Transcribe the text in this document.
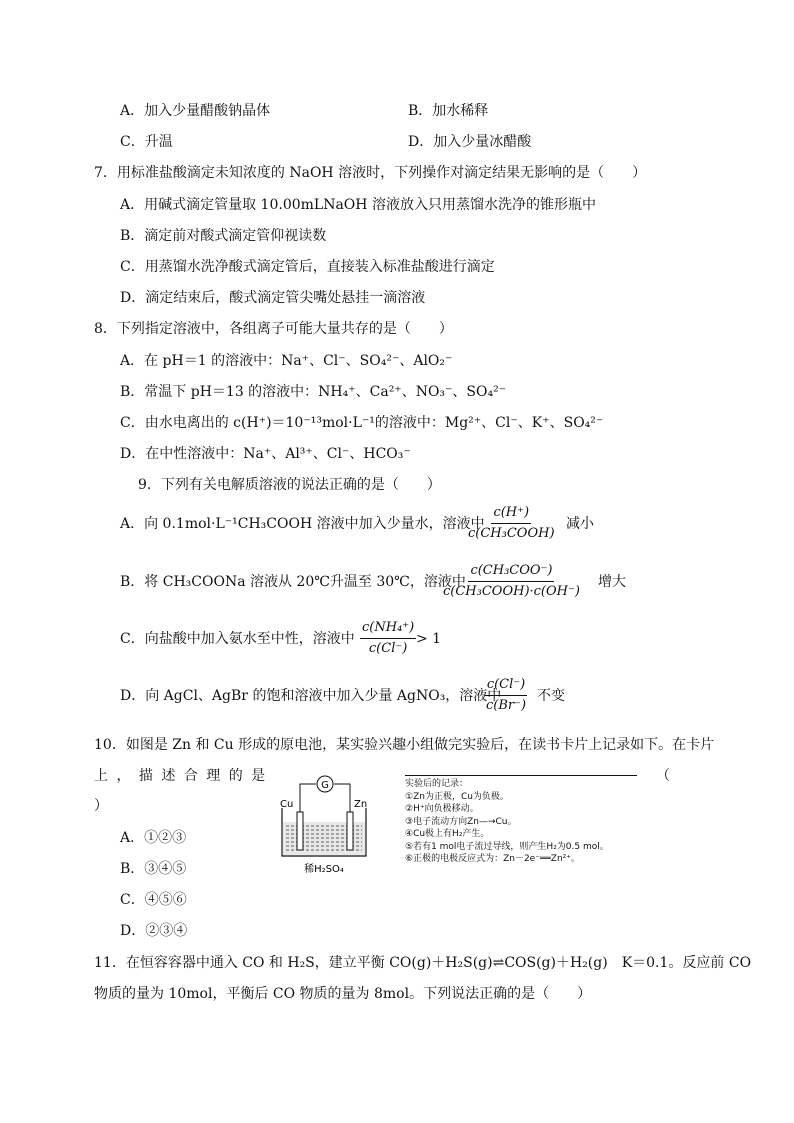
A．加入少量醋酸钠晶体	B．加水稀释
C．升温	D．加入少量冰醋酸
7．用标准盐酸滴定未知浓度的 NaOH 溶液时，下列操作对滴定结果无影响的是（　　）
A．用碱式滴定管量取 10.00mLNaOH 溶液放入只用蒸馏水洗净的锥形瓶中
B．滴定前对酸式滴定管仰视读数
C．用蒸馏水洗净酸式滴定管后，直接装入标准盐酸进行滴定
D．滴定结束后，酸式滴定管尖嘴处悬挂一滴溶液
8．下列指定溶液中，各组离子可能大量共存的是（　　）
A．在 pH＝1 的溶液中：Na⁺、Cl⁻、SO₄²⁻、AlO₂⁻
B．常温下 pH＝13 的溶液中：NH₄⁺、Ca²⁺、NO₃⁻、SO₄²⁻
C．由水电离出的 c(H⁺)＝10⁻¹³mol·L⁻¹的溶液中：Mg²⁺、Cl⁻、K⁺、SO₄²⁻
D．在中性溶液中：Na⁺、Al³⁺、Cl⁻、HCO₃⁻
9．下列有关电解质溶液的说法正确的是（　　）
A．向 0.1mol·L⁻¹CH₃COOH 溶液中加入少量水，溶液中
c(H⁺)
c(CH₃COOH)
减小
B．将 CH₃COONa 溶液从 20℃升温至 30℃，溶液中
c(CH₃COO⁻)
c(CH₃COOH)·c(OH⁻)
增大
C．向盐酸中加入氨水至中性，溶液中 $\frac{\text{c(NH₄⁺)}}{c(Cl^-)} > 1$
D．向 AgCl、AgBr 的饱和溶液中加入少量 AgNO₃，溶液中
$\frac{c(Cl^-)}{c(Br^-)}$ 不变
10．如图是 Zn 和 Cu 形成的原电池，某实验兴趣小组做完实验后，在读书卡片上记录如下。在卡片
上 ， 描 述 合 理 的 是	（
）
A．①②③
B．③④⑤
C．④⑤⑥
D．②③④
G
Cu	Zn
稀H₂SO₄
实验后的记录：
①Zn为正极，Cu为负极。
②H⁺向负极移动。
③电子流动方向Zn—→Cu。
④Cu极上有H₂产生。
⑤若有1 mol电子流过导线，则产生H₂为0.5 mol。
⑥正极的电极反应式为：Zn－2e⁻══Zn²⁺。
11．在恒容容器中通入 CO 和 H₂S，建立平衡 CO(g)＋H₂S(g)⇌COS(g)＋H₂(g)　K＝0.1。反应前 CO
物质的量为 10mol，平衡后 CO 物质的量为 8mol。下列说法正确的是（　　）
